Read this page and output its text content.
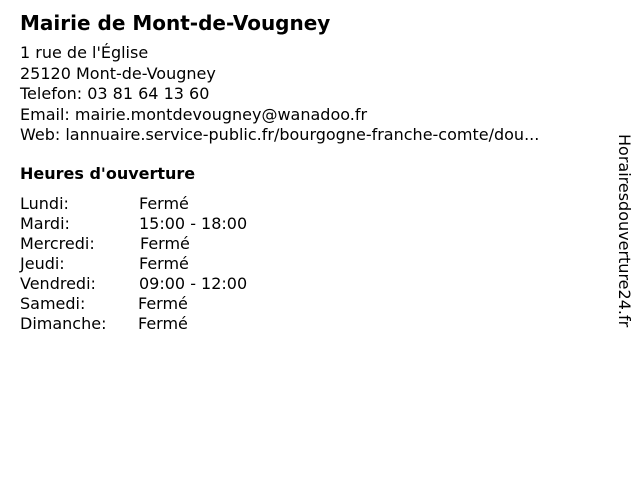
Mairie de Mont-de-Vougney
1 rue de l'Église
25120 Mont-de-Vougney
Telefon: 03 81 64 13 60
Email: mairie.montdevougney@wanadoo.fr
Web: lannuaire.service-public.fr/bourgogne-franche-comte/dou...
Heures d'ouverture
Lundi:	Fermé
Mardi:	15:00 - 18:00
Mercredi:	Fermé
Jeudi:	Fermé
Vendredi:	09:00 - 12:00
Samedi:	Fermé
Dimanche: Fermé	Horairesdouverture24.fr
